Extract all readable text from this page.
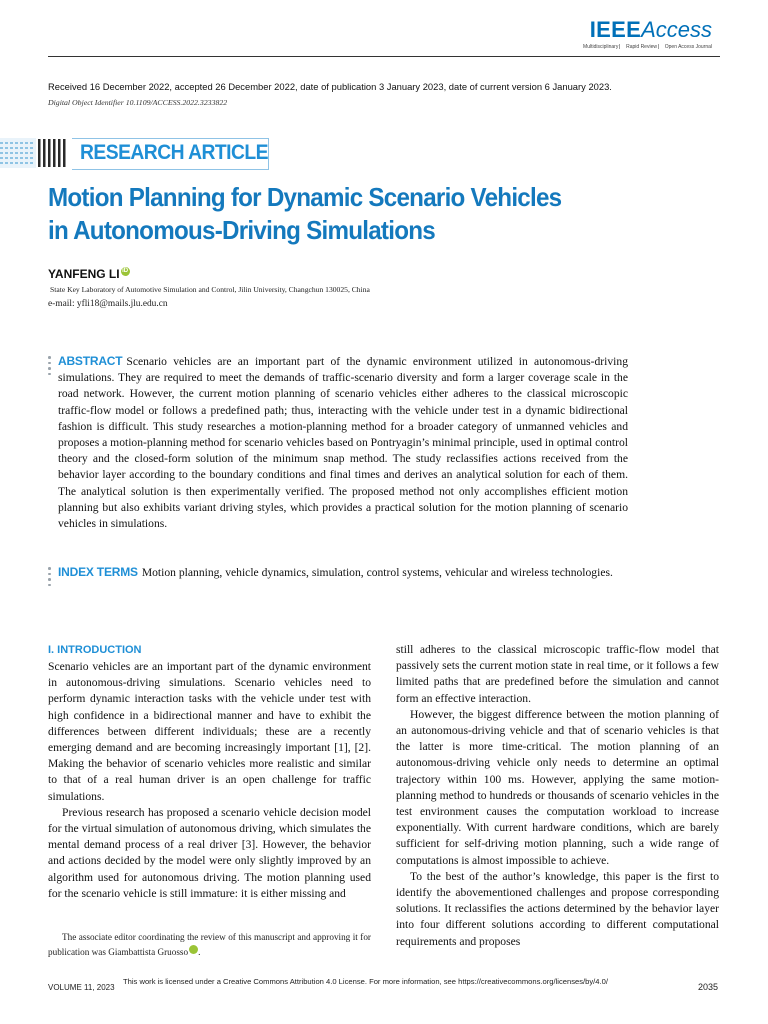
IEEEAccess
Multidisciplinary ⎸ Rapid Review ⎸ Open Access Journal
Received 16 December 2022, accepted 26 December 2022, date of publication 3 January 2023, date of current version 6 January 2023.
Digital Object Identifier 10.1109/ACCESS.2022.3233822
RESEARCH ARTICLE
Motion Planning for Dynamic Scenario Vehicles
in Autonomous-Driving Simulations
YANFENG LI iD
State Key Laboratory of Automotive Simulation and Control, Jilin University, Changchun 130025, China
e-mail: yfli18@mails.jlu.edu.cn
ABSTRACT Scenario vehicles are an important part of the dynamic environment utilized in autonomous-driving simulations. They are required to meet the demands of traffic-scenario diversity and form a larger coverage scale in the road network. However, the current motion planning of scenario vehicles either adheres to the classical microscopic traffic-flow model or follows a predefined path; thus, interacting with the vehicle under test in a dynamic bidirectional fashion is difficult. This study researches a motion-planning method for a broader category of unmanned vehicles and proposes a motion-planning method for scenario vehicles based on Pontryagin’s minimal principle, used in optimal control theory and the closed-form solution of the minimum snap method. The study reclassifies actions received from the behavior layer according to the boundary conditions and final times and derives an analytical solution for each of them. The analytical solution is then experimentally verified. The proposed method not only accomplishes efficient motion planning but also exhibits variant driving styles, which provides a practical solution for the motion planning of scenario vehicles in simulations.
INDEX TERMS Motion planning, vehicle dynamics, simulation, control systems, vehicular and wireless technologies.
I. INTRODUCTION

Scenario vehicles are an important part of the dynamic environment in autonomous-driving simulations. Scenario vehicles need to perform dynamic interaction tasks with the vehicle under test with high confidence in a bidirectional manner and have to exhibit the differences between different individuals; these are a recently emerging demand and are becoming increasingly important [1], [2]. Making the behavior of scenario vehicles more realistic and similar to that of a real human driver is an open challenge for traffic simulations.

Previous research has proposed a scenario vehicle decision model for the virtual simulation of autonomous driving, which simulates the mental demand process of a real driver [3]. However, the behavior and actions decided by the model were only slightly improved by an algorithm used for autonomous driving. The motion planning used for the scenario vehicle is still immature: it is either missing and

still adheres to the classical microscopic traffic-flow model that passively sets the current motion state in real time, or it follows a few limited paths that are predefined before the simulation and cannot form an effective interaction.

However, the biggest difference between the motion planning of an autonomous-driving vehicle and that of scenario vehicles is that the latter is more time-critical. The motion planning of an autonomous-driving vehicle only needs to determine an optimal trajectory within 100 ms. However, applying the same motion-planning method to hundreds or thousands of scenario vehicles in the test environment causes the computation workload to increase exponentially. With current hardware conditions, which are barely sufficient for self-driving motion planning, such a wide range of computations is almost impossible to achieve.

To the best of the author’s knowledge, this paper is the first to identify the abovementioned challenges and propose corresponding solutions. It reclassifies the actions determined by the behavior layer into four different solutions according to different computational requirements and proposes

The associate editor coordinating the review of this manuscript and approving it for publication was Giambattista Gruosso	iD.

VOLUME 11, 2023
This work is licensed under a Creative Commons Attribution 4.0 License. For more information, see https://creativecommons.org/licenses/by/4.0/
2035
